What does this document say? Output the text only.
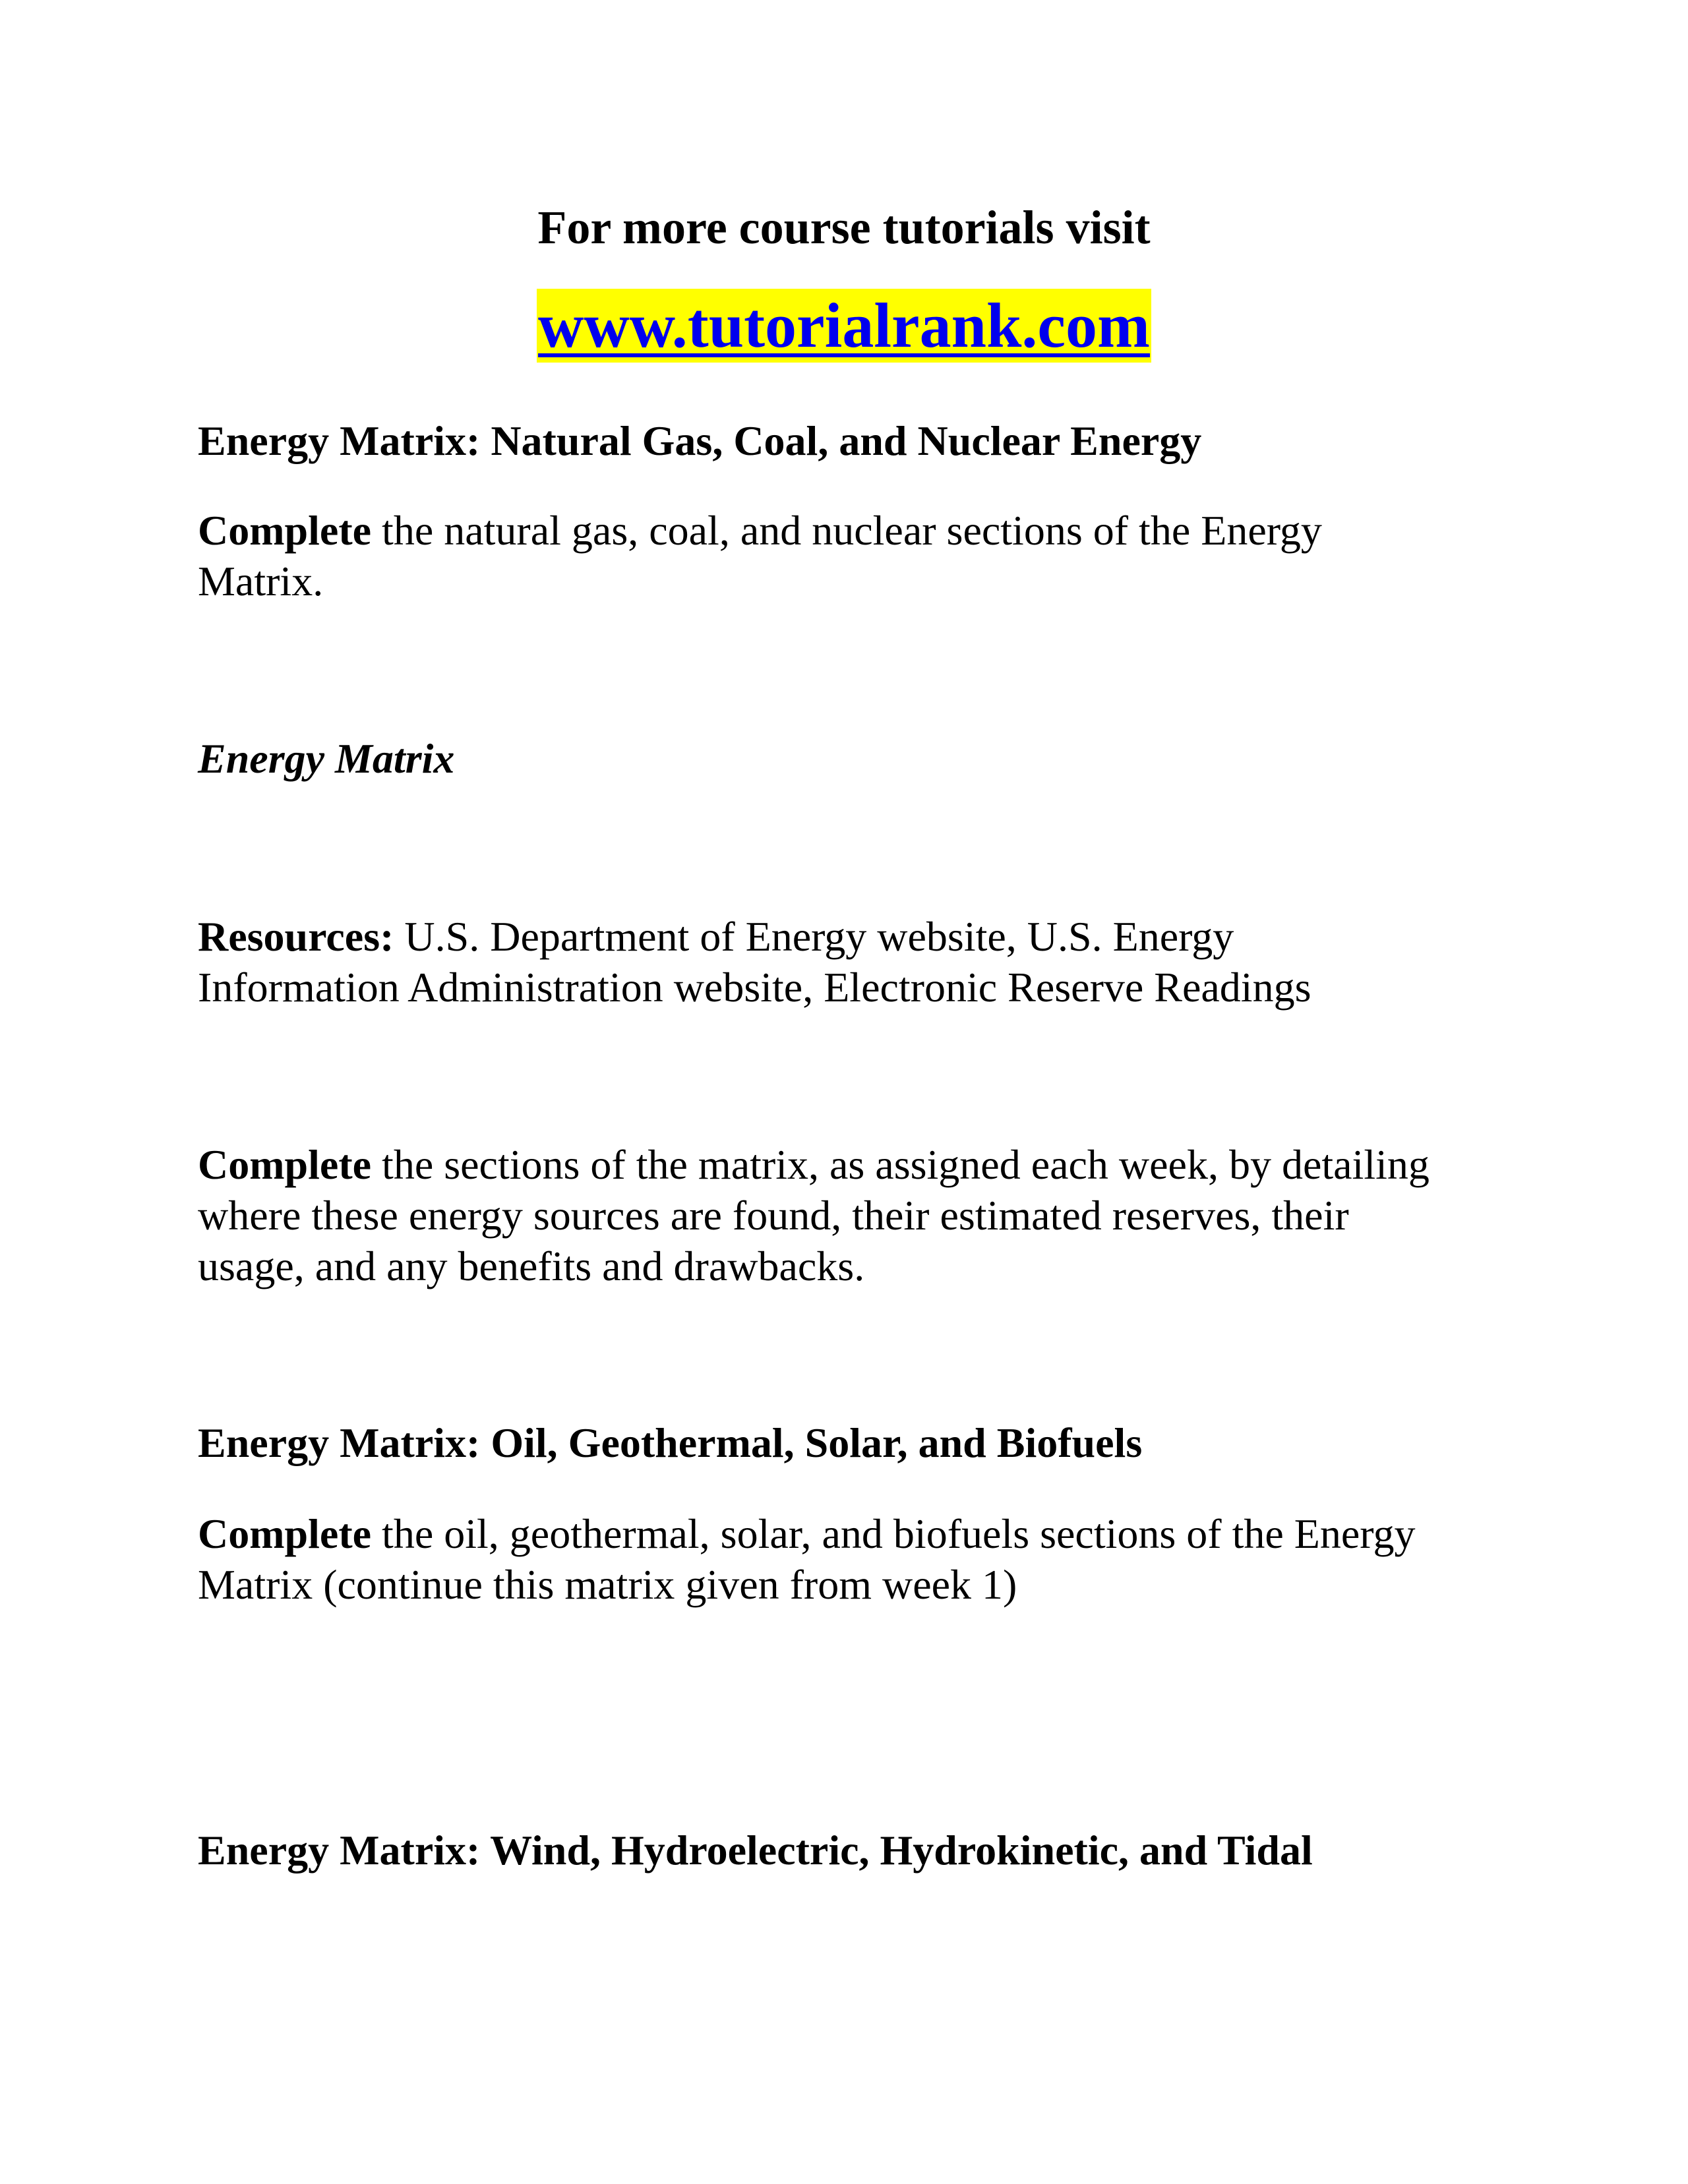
For more course tutorials visit
www.tutorialrank.com
Energy Matrix: Natural Gas, Coal, and Nuclear Energy
Complete the natural gas, coal, and nuclear sections of the Energy
Matrix.
Energy Matrix
Resources: U.S. Department of Energy website, U.S. Energy
Information Administration website, Electronic Reserve Readings
Complete the sections of the matrix, as assigned each week, by detailing
where these energy sources are found, their estimated reserves, their
usage, and any benefits and drawbacks.
Energy Matrix: Oil, Geothermal, Solar, and Biofuels
Complete the oil, geothermal, solar, and biofuels sections of the Energy
Matrix (continue this matrix given from week 1)
Energy Matrix: Wind, Hydroelectric, Hydrokinetic, and Tidal
